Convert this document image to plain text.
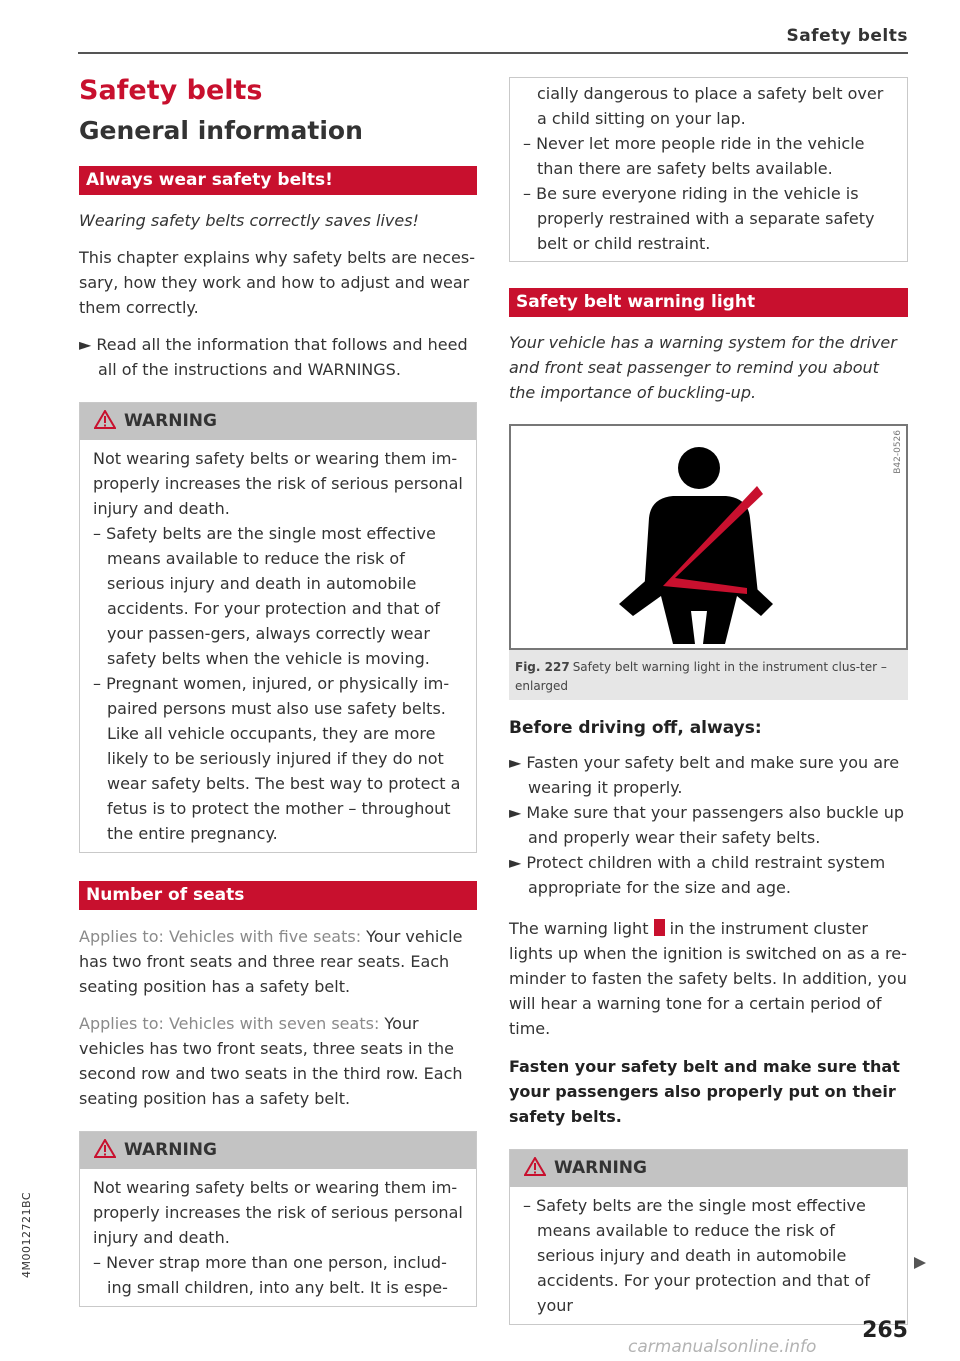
Safety belts
Safety belts
General information
Always wear safety belts!

Wearing safety belts correctly saves lives!

This chapter explains why safety belts are neces-sary, how they work and how to adjust and wear them correctly.

► Read all the information that follows and heed all of the instructions and WARNINGS.

WARNING

Not wearing safety belts or wearing them im-properly increases the risk of serious personal injury and death.

– Safety belts are the single most effective means available to reduce the risk of serious injury and death in automobile accidents. For your protection and that of your passen-gers, always correctly wear safety belts when the vehicle is moving.

– Pregnant women, injured, or physically im-paired persons must also use safety belts. Like all vehicle occupants, they are more likely to be seriously injured if they do not wear safety belts. The best way to protect a fetus is to protect the mother – throughout the entire pregnancy.

Number of seats

Applies to: Vehicles with five seats: Your vehicle has two front seats and three rear seats. Each seating position has a safety belt.

Applies to: Vehicles with seven seats: Your vehicles has two front seats, three seats in the second row and two seats in the third row. Each seating position has a safety belt.

WARNING

Not wearing safety belts or wearing them im-properly increases the risk of serious personal injury and death.

– Never strap more than one person, includ-ing small children, into any belt. It is espe-

cially dangerous to place a safety belt over a child sitting on your lap.

– Never let more people ride in the vehicle than there are safety belts available.

– Be sure everyone riding in the vehicle is properly restrained with a separate safety belt or child restraint.

Safety belt warning light

Your vehicle has a warning system for the driver and front seat passenger to remind you about the importance of buckling-up.

B42-0526
Fig. 227 Safety belt warning light in the instrument clus-ter – enlarged
Before driving off, always:

► Fasten your safety belt and make sure you are wearing it properly.

► Make sure that your passengers also buckle up and properly wear their safety belts.

► Protect children with a child restraint system appropriate for the size and age.

The warning light  in the instrument cluster lights up when the ignition is switched on as a re-minder to fasten the safety belts. In addition, you will hear a warning tone for a certain period of time.

Fasten your safety belt and make sure that your passengers also properly put on their safety belts.

WARNING

– Safety belts are the single most effective means available to reduce the risk of serious injury and death in automobile accidents. For your protection and that of your

265
4M0012721BC
carmanualsonline.info
